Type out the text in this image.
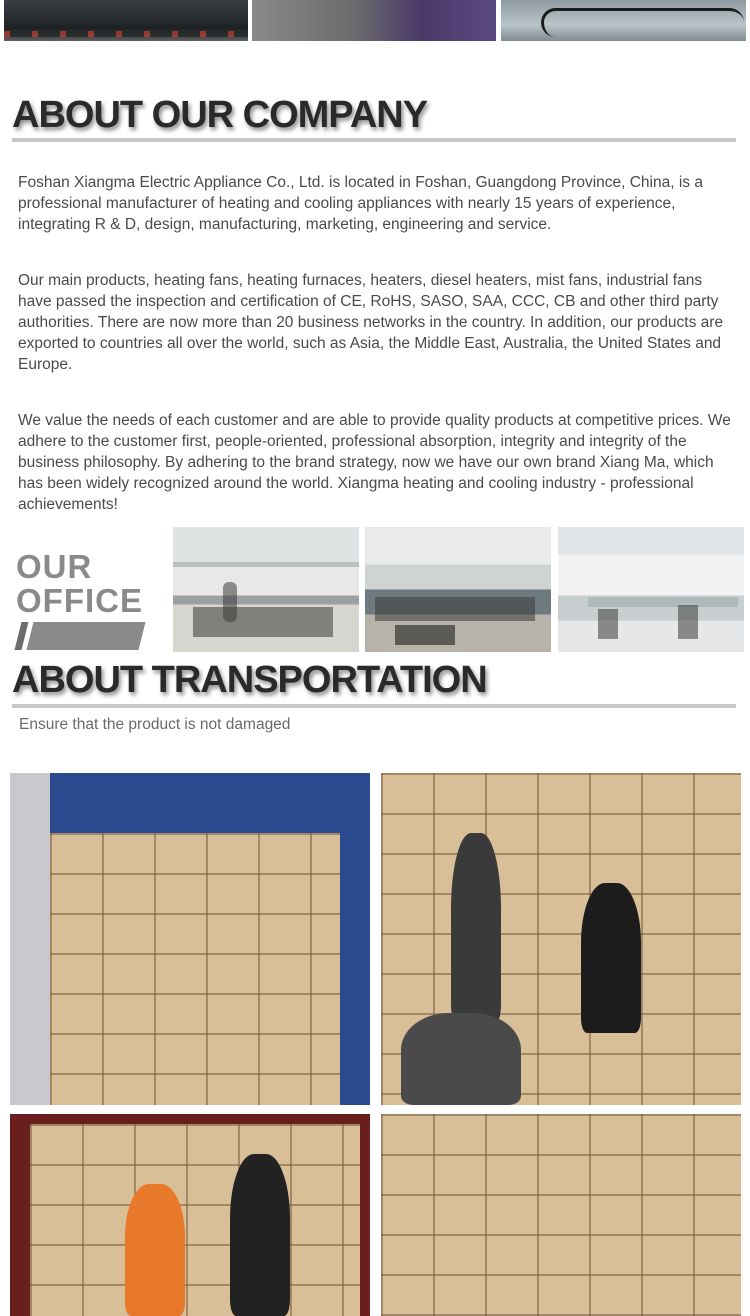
ABOUT OUR COMPANY
Foshan Xiangma Electric Appliance Co., Ltd. is located in Foshan, Guangdong Province, China, is a professional manufacturer of heating and cooling appliances with nearly 15 years of experience, integrating R & D, design, manufacturing, marketing, engineering and service.
Our main products, heating fans, heating furnaces, heaters, diesel heaters, mist fans, industrial fans have passed the inspection and certification of CE, RoHS, SASO, SAA, CCC, CB and other third party authorities. There are now more than 20 business networks in the country. In addition, our products are exported to countries all over the world, such as Asia, the Middle East, Australia, the United States and Europe.
We value the needs of each customer and are able to provide quality products at competitive prices. We adhere to the customer first, people-oriented, professional absorption, integrity and integrity of the business philosophy. By adhering to the brand strategy, now we have our own brand Xiang Ma, which has been widely recognized around the world. Xiangma heating and cooling industry - professional achievements!
OUR
OFFICE
ABOUT TRANSPORTATION
Ensure that the product is not damaged
